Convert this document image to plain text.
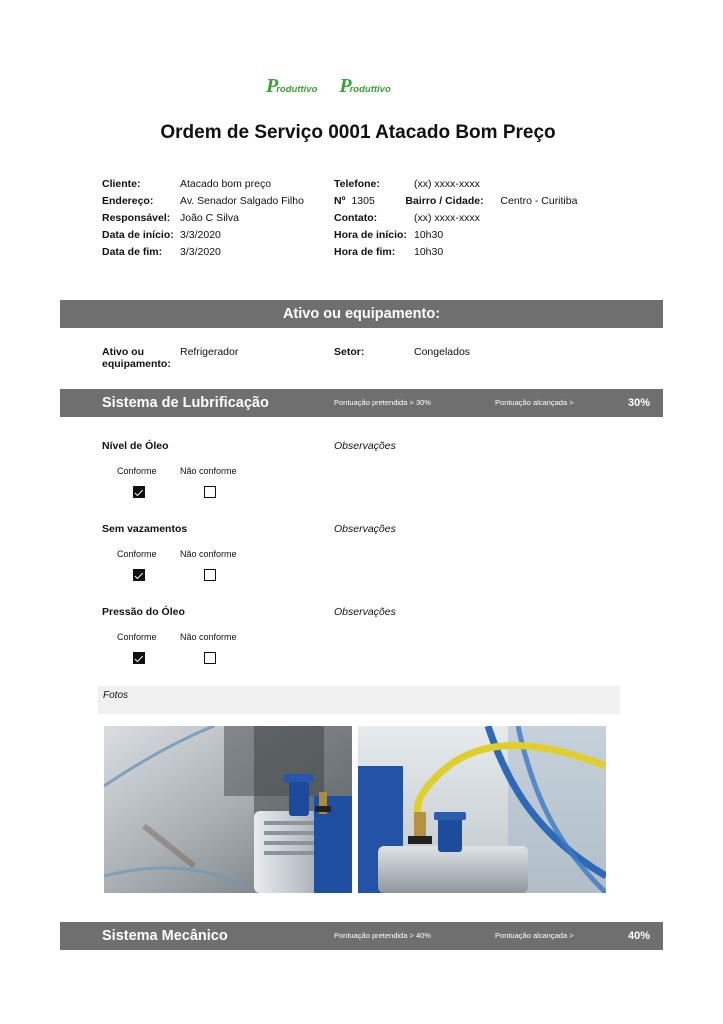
P
roduttivo P
roduttivo
Ordem de Serviço 0001 Atacado Bom Preço
Cliente:	Atacado bom preço
Endereço:	Av. Senador Salgado Filho
Responsável: João C Silva
Data de início: 3/3/2020
Data de fim:	3/3/2020
Telefone:	(xx) xxxx-xxxx
Nº 1305	Bairro / Cidade:	Centro - Curitiba
Contato:	(xx) xxxx-xxxx
Hora de início: 10h30
Hora de fim:	10h30
Ativo ou equipamento:
Ativo ou equipamento:
Refrigerador	Setor:	Congelados
Sistema de Lubrificação	Pontuação pretendida > 30%	Pontuação alcançada >	30%
Nível de Óleo	Observações
Conforme	Não conforme
Sem vazamentos	Observações
Conforme	Não conforme
Pressão do Óleo	Observações
Conforme	Não conforme
Fotos
Sistema Mecânico	Pontuação pretendida > 40%	Pontuação alcançada >	40%
